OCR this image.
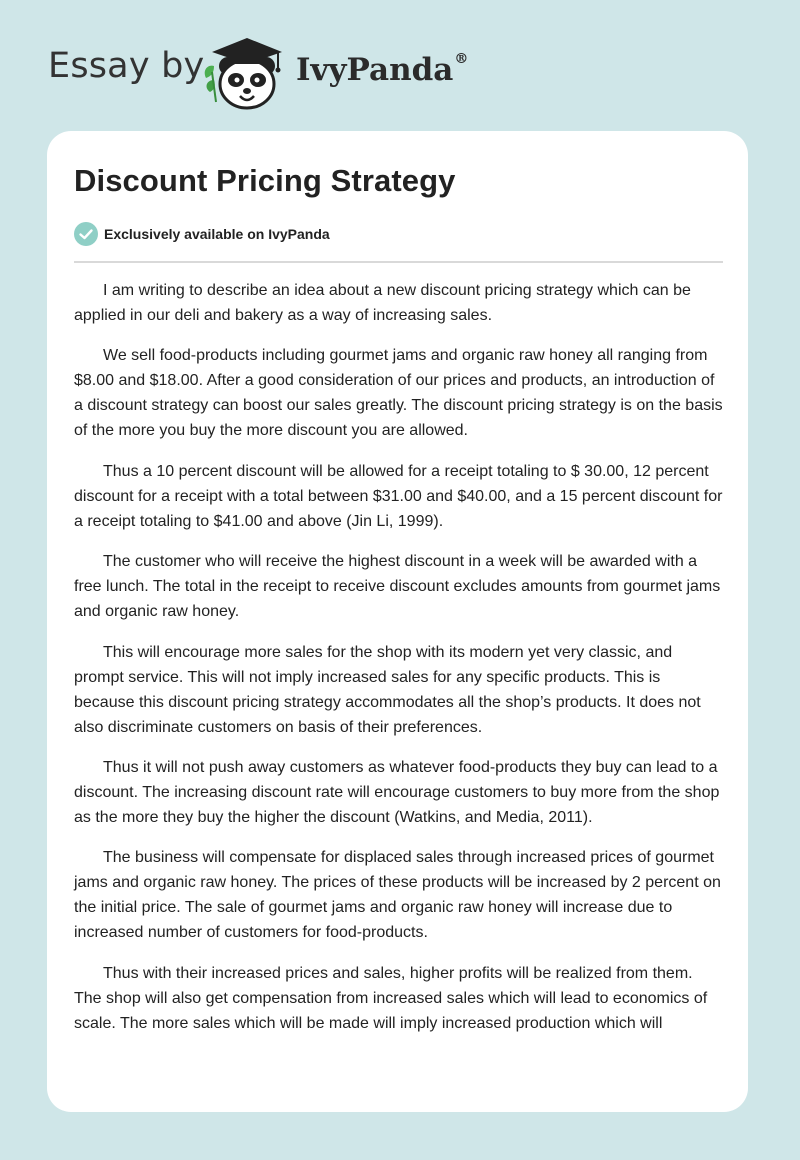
Essay by	IvyPanda®
Discount Pricing Strategy
Exclusively available on IvyPanda

I am writing to describe an idea about a new discount pricing strategy which can be applied in our deli and bakery as a way of increasing sales.

We sell food-products including gourmet jams and organic raw honey all ranging from $8.00 and $18.00. After a good consideration of our prices and products, an introduction of a discount strategy can boost our sales greatly. The discount pricing strategy is on the basis of the more you buy the more discount you are allowed.

Thus a 10 percent discount will be allowed for a receipt totaling to $ 30.00, 12 percent discount for a receipt with a total between $31.00 and $40.00, and a 15 percent discount for a receipt totaling to $41.00 and above (Jin Li, 1999).

The customer who will receive the highest discount in a week will be awarded with a free lunch. The total in the receipt to receive discount excludes amounts from gourmet jams and organic raw honey.

This will encourage more sales for the shop with its modern yet very classic, and prompt service. This will not imply increased sales for any specific products. This is because this discount pricing strategy accommodates all the shop’s products. It does not also discriminate customers on basis of their preferences.

Thus it will not push away customers as whatever food-products they buy can lead to a discount. The increasing discount rate will encourage customers to buy more from the shop as the more they buy the higher the discount (Watkins, and Media, 2011).

The business will compensate for displaced sales through increased prices of gourmet jams and organic raw honey. The prices of these products will be increased by 2 percent on the initial price. The sale of gourmet jams and organic raw honey will increase due to increased number of customers for food-products.

Thus with their increased prices and sales, higher profits will be realized from them. The shop will also get compensation from increased sales which will lead to economics of scale. The more sales which will be made will imply increased production which will
